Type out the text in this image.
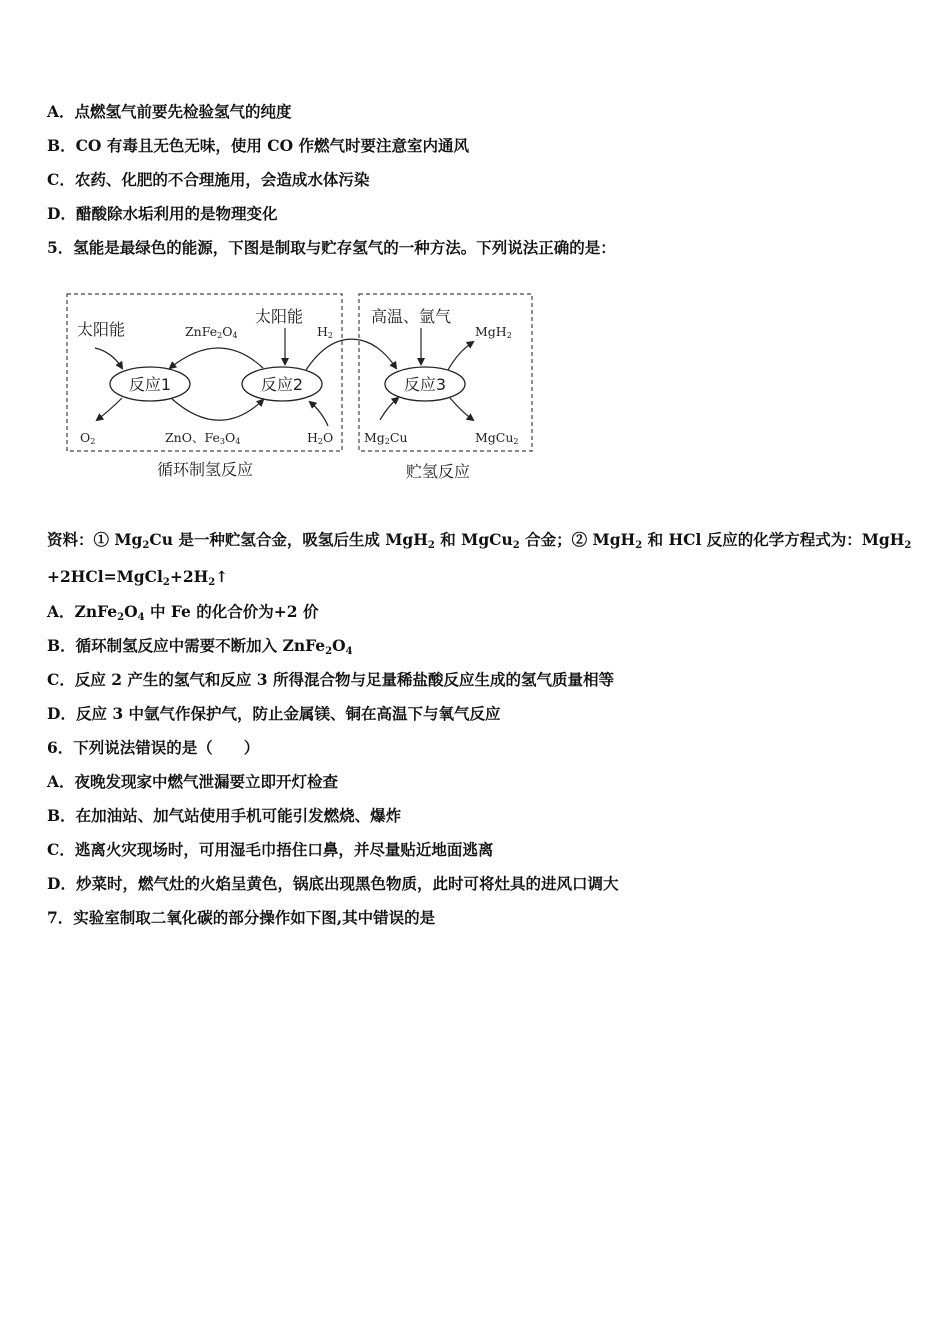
A．点燃氢气前要先检验氢气的纯度
B．CO 有毒且无色无味，使用 CO 作燃气时要注意室内通风
C．农药、化肥的不合理施用，会造成水体污染
D．醋酸除水垢利用的是物理变化
5．氢能是最绿色的能源，下图是制取与贮存氢气的一种方法。下列说法正确的是：
反应1	反应2	反应3
太阳能	ZnFe2O4
太阳能
H2
高温、氩气
MgH2
O2	ZnO、Fe3O4	H2O Mg2Cu	MgCu2
循环制氢反应	贮氢反应
资料：① $Mg_2Cu$ 是一种贮氢合金，吸氢后生成 MgH$_2$ 和 MgCu$_2$ 合金；② MgH$_2$ 和 HCl 反应的化学方程式为：MgH$_2$
$+2HCl=MgCl_2+2H_2↑$
A．$ZnFe_2O_4$ 中 Fe 的化合价为+2 价
B．循环制氢反应中需要不断加入 $ZnFe_2O_4$
C．反应 2 产生的氢气和反应 3 所得混合物与足量稀盐酸反应生成的氢气质量相等
D．反应 3 中氩气作保护气，防止金属镁、铜在高温下与氧气反应
6．下列说法错误的是（　　）
A．夜晚发现家中燃气泄漏要立即开灯检查
B．在加油站、加气站使用手机可能引发燃烧、爆炸
C．逃离火灾现场时，可用湿毛巾捂住口鼻，并尽量贴近地面逃离
D．炒菜时，燃气灶的火焰呈黄色，锅底出现黑色物质，此时可将灶具的进风口调大
7．实验室制取二氧化碳的部分操作如下图,其中错误的是
